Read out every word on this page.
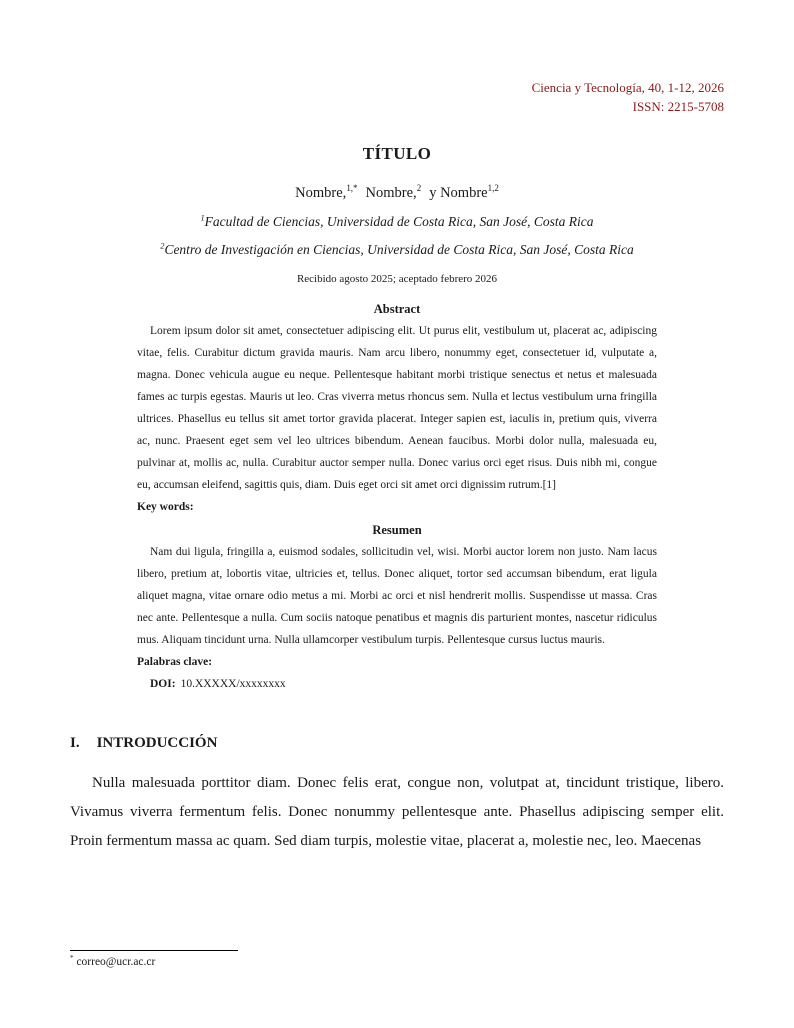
Ciencia y Tecnología, 40, 1-12, 2026
ISSN: 2215-5708
TÍTULO
Nombre,$^{1,*}$ Nombre,$^2$ y Nombre$^{1,2}$
$^1$Facultad de Ciencias, Universidad de Costa Rica, San José, Costa Rica
$^2$Centro de Investigación en Ciencias, Universidad de Costa Rica, San José, Costa Rica
Recibido agosto 2025; aceptado febrero 2026
Abstract

Lorem ipsum dolor sit amet, consectetuer adipiscing elit. Ut purus elit, vestibulum ut, placerat ac, adipiscing vitae, felis. Curabitur dictum gravida mauris. Nam arcu libero, nonummy eget, consectetuer id, vulputate a, magna. Donec vehicula augue eu neque. Pellentesque habitant morbi tristique senectus et netus et malesuada fames ac turpis egestas. Mauris ut leo. Cras viverra metus rhoncus sem. Nulla et lectus vestibulum urna fringilla ultrices. Phasellus eu tellus sit amet tortor gravida placerat. Integer sapien est, iaculis in, pretium quis, viverra ac, nunc. Praesent eget sem vel leo ultrices bibendum. Aenean faucibus. Morbi dolor nulla, malesuada eu, pulvinar at, mollis ac, nulla. Curabitur auctor semper nulla. Donec varius orci eget risus. Duis nibh mi, congue eu, accumsan eleifend, sagittis quis, diam. Duis eget orci sit amet orci dignissim rutrum.[1]

Key words:
Resumen

Nam dui ligula, fringilla a, euismod sodales, sollicitudin vel, wisi. Morbi auctor lorem non justo. Nam lacus libero, pretium at, lobortis vitae, ultricies et, tellus. Donec aliquet, tortor sed accumsan bibendum, erat ligula aliquet magna, vitae ornare odio metus a mi. Morbi ac orci et nisl hendrerit mollis. Suspendisse ut massa. Cras nec ante. Pellentesque a nulla. Cum sociis natoque penatibus et magnis dis parturient montes, nascetur ridiculus mus. Aliquam tincidunt urna. Nulla ullamcorper vestibulum turpis. Pellentesque cursus luctus mauris.

Palabras clave:
DOI: 10.XXXXX/xxxxxxxx
I. INTRODUCCIÓN

Nulla malesuada porttitor diam. Donec felis erat, congue non, volutpat at, tincidunt tristique, libero. Vivamus viverra fermentum felis. Donec nonummy pellentesque ante. Phasellus adipiscing semper elit. Proin fermentum massa ac quam. Sed diam turpis, molestie vitae, placerat a, molestie nec, leo. Maecenas

* correo@ucr.ac.cr
